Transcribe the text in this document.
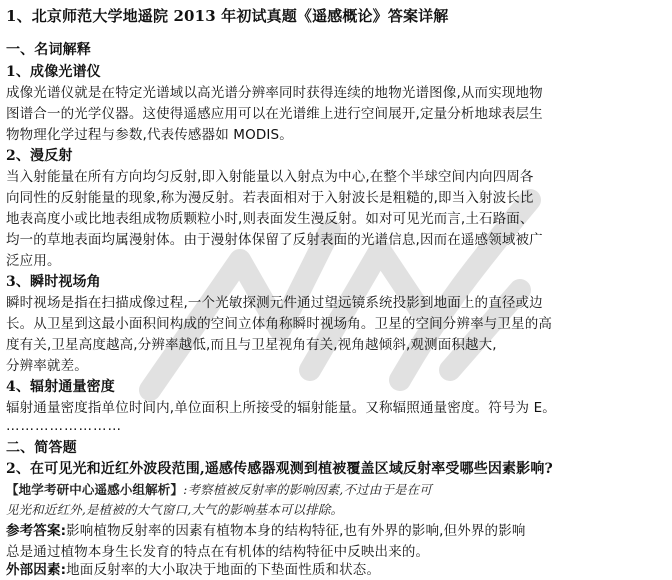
1、北京师范大学地遥院 2013 年初试真题《遥感概论》答案详解
一、名词解释
1、成像光谱仪
成像光谱仪就是在特定光谱域以高光谱分辨率同时获得连续的地物光谱图像,从而实现地物
图谱合一的光学仪器。这使得遥感应用可以在光谱维上进行空间展开,定量分析地球表层生
物物理化学过程与参数,代表传感器如 MODIS。
2、漫反射
当入射能量在所有方向均匀反射,即入射能量以入射点为中心,在整个半球空间内向四周各
向同性的反射能量的现象,称为漫反射。若表面相对于入射波长是粗糙的,即当入射波长比
地表高度小或比地表组成物质颗粒小时,则表面发生漫反射。如对可见光而言,土石路面、
均一的草地表面均属漫射体。由于漫射体保留了反射表面的光谱信息,因而在遥感领域被广
泛应用。
3、瞬时视场角
瞬时视场是指在扫描成像过程,一个光敏探测元件通过望远镜系统投影到地面上的直径或边
长。从卫星到这最小面积间构成的空间立体角称瞬时视场角。卫星的空间分辨率与卫星的高
度有关,卫星高度越高,分辨率越低,而且与卫星视角有关,视角越倾斜,观测面积越大,
分辨率就差。
4、辐射通量密度
辐射通量密度指单位时间内,单位面积上所接受的辐射能量。又称辐照通量密度。符号为 E。
……………………
二、简答题
2、在可见光和近红外波段范围,遥感传感器观测到植被覆盖区域反射率受哪些因素影响?
【地学考研中心遥感小组解析】:考察植被反射率的影响因素,不过由于是在可
见光和近红外,是植被的大气窗口,大气的影响基本可以排除。
参考答案:影响植物反射率的因素有植物本身的结构特征,也有外界的影响,但外界的影响
总是通过植物本身生长发育的特点在有机体的结构特征中反映出来的。
外部因素:地面反射率的大小取决于地面的下垫面性质和状态。
